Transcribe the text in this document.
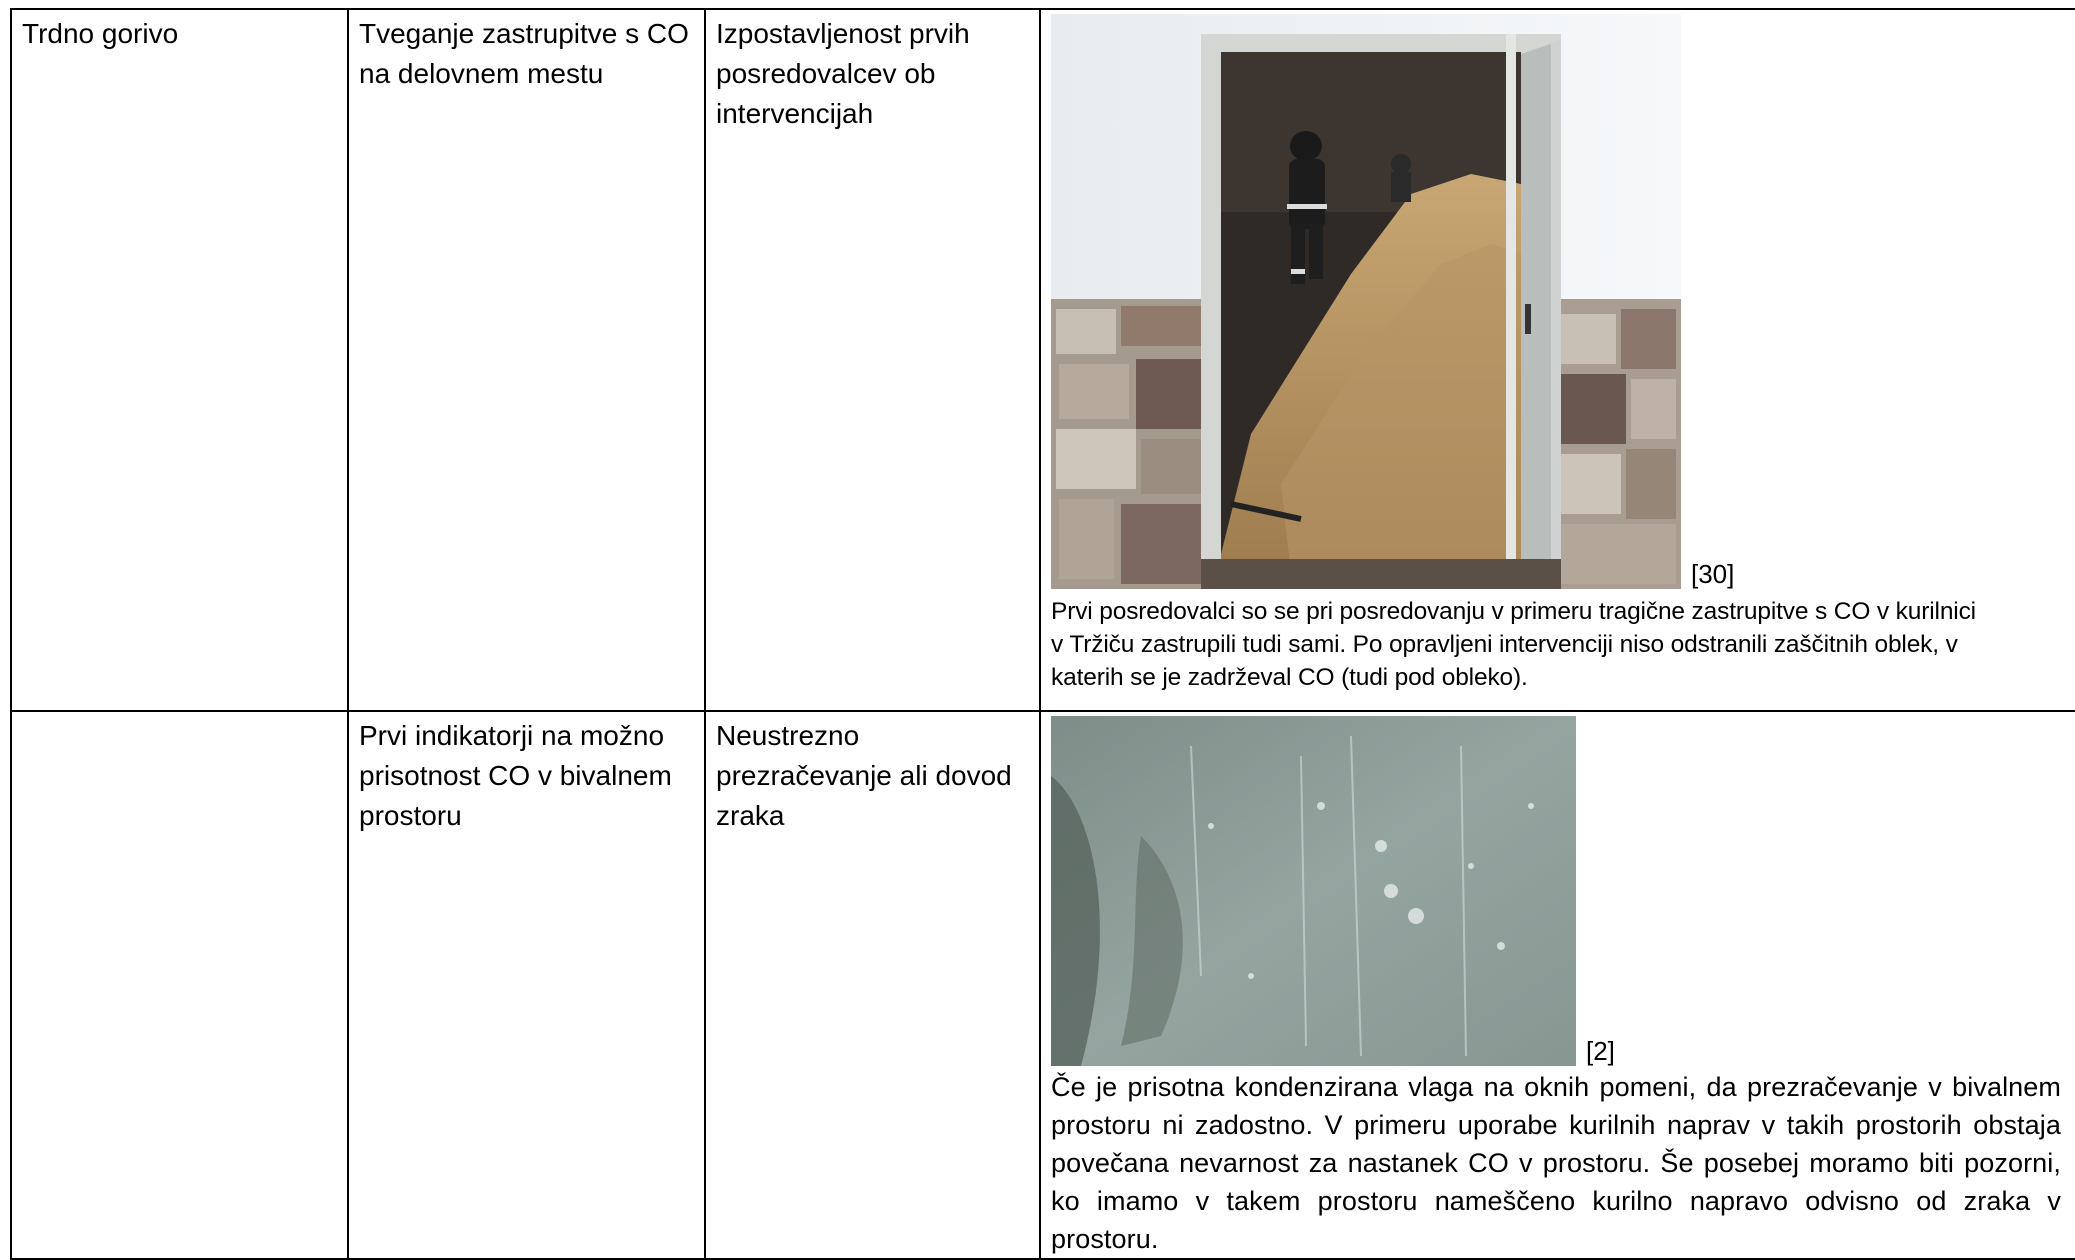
Trdno gorivo	Tveganje zastrupitve s CO na delovnem mestu	Izpostavljenost prvih posredovalcev ob intervencijah	[30]

Prvi posredovalci so se pri posredovanju v primeru tragične zastrupitve s CO v kurilnici
v Tržiču zastrupili tudi sami. Po opravljeni intervenciji niso odstranili zaščitnih oblek, v
katerih se je zadrževal CO (tudi pod obleko).

	Prvi indikatorji na možno prisotnost CO v bivalnem prostoru	Neustrezno prezračevanje ali dovod zraka	[2]

Če je prisotna kondenzirana vlaga na oknih pomeni, da prezračevanje v bivalnem prostoru ni zadostno. V primeru uporabe kurilnih naprav v takih prostorih obstaja povečana nevarnost za nastanek CO v prostoru. Še posebej moramo biti pozorni, ko imamo v takem prostoru nameščeno kurilno napravo odvisno od zraka v prostoru.
